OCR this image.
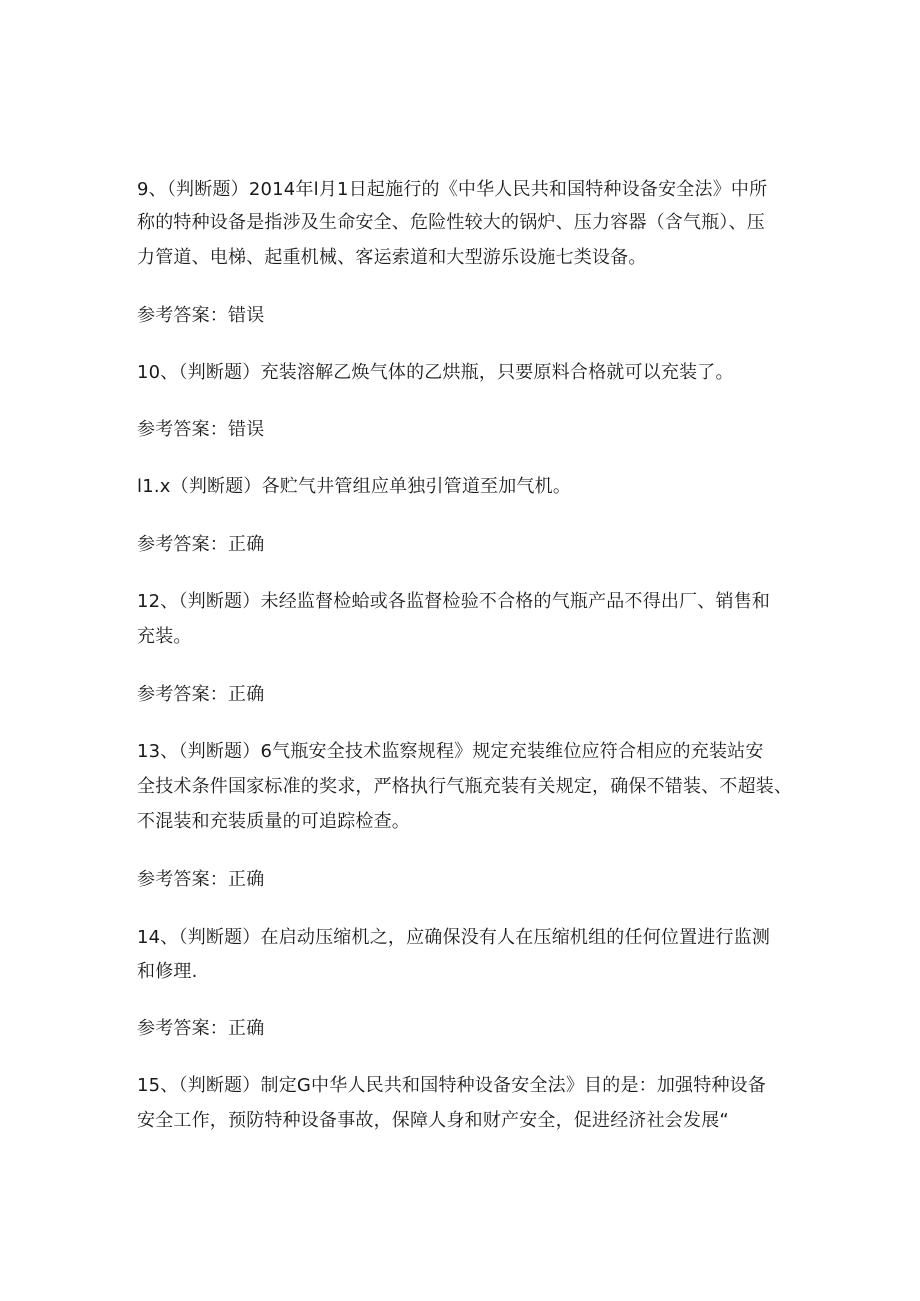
9、（判断题）2014年l月1日起施行的《中华人民共和国特种设备安全法》中所
称的特种设备是指涉及生命安全、危险性较大的锅炉、压力容器（含气瓶）、压
力管道、电梯、起重机械、客运索道和大型游乐设施七类设备。
参考答案：错误
10、（判断题）充装溶解乙焕气体的乙烘瓶，只要原料合格就可以充装了。
参考答案：错误
l1.x（判断题）各贮气井管组应单独引管道至加气机。
参考答案：正确
12、（判断题）未经监督检蛤或各监督检验不合格的气瓶产品不得出厂、销售和
充装。
参考答案：正确
13、（判断题）6气瓶安全技术监察规程》规定充装维位应符合相应的充装站安
全技术条件国家标准的奖求，严格执行气瓶充装有关规定，确保不错装、不超装、
不混装和充装质量的可追踪检查。
参考答案：正确
14、（判断题）在启动压缩机之，应确保没有人在压缩机组的任何位置进行监测
和修理.
参考答案：正确
15、（判断题）制定G中华人民共和国特种设备安全法》目的是：加强特种设备
安全工作，预防特种设备事故，保障人身和财产安全，促进经济社会发展“
